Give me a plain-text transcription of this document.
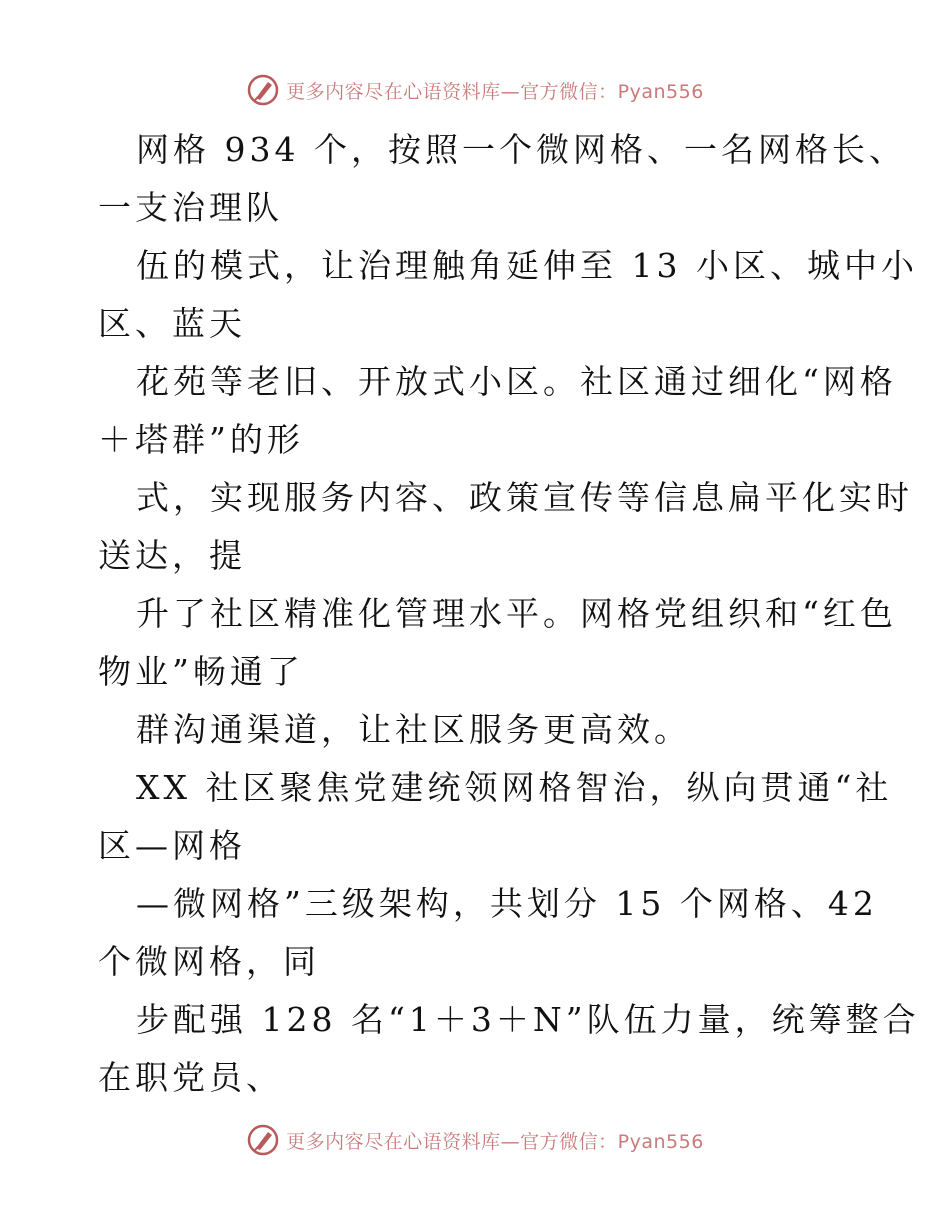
更多内容尽在心语资料库—官方微信：Pyan556
网格 934 个，按照一个微网格、一名网格长、
一支治理队
伍的模式，让治理触角延伸至 13 小区、城中小
区、蓝天
花苑等老旧、开放式小区。社区通过细化“网格
＋塔群”的形
式，实现服务内容、政策宣传等信息扁平化实时
送达，提
升了社区精准化管理水平。网格党组织和“红色
物业”畅通了
群沟通渠道，让社区服务更高效。
XX 社区聚焦党建统领网格智治，纵向贯通“社
区—网格
—微网格”三级架构，共划分 15 个网格、42
个微网格，同
步配强 128 名“1＋3＋N”队伍力量，统筹整合
在职党员、
更多内容尽在心语资料库—官方微信：Pyan556
